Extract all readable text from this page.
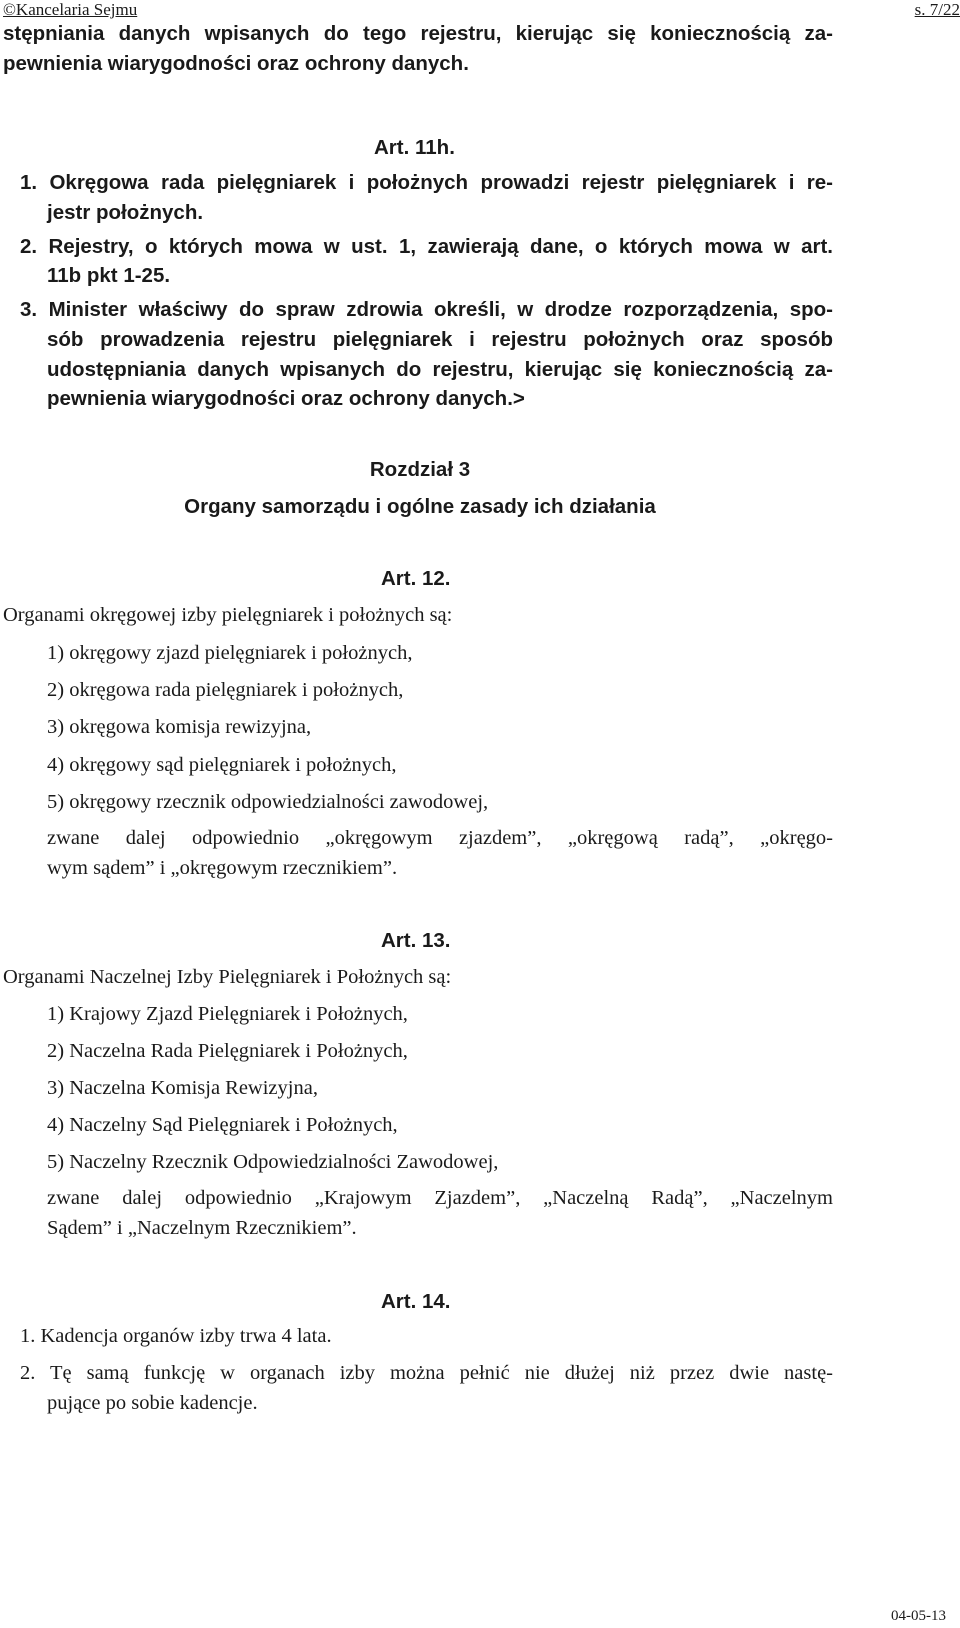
©Kancelaria Sejmu	s. 7/22
stępniania danych wpisanych do tego rejestru, kierując się koniecznością za-
pewnienia wiarygodności oraz ochrony danych.
Art. 11h.
1. Okręgowa rada pielęgniarek i położnych prowadzi rejestr pielęgniarek i re-
jestr położnych.
2. Rejestry, o których mowa w ust. 1, zawierają dane, o których mowa w art.
11b pkt 1-25.
3. Minister właściwy do spraw zdrowia określi, w drodze rozporządzenia, spo-
sób prowadzenia rejestru pielęgniarek i rejestru położnych oraz sposób
udostępniania danych wpisanych do rejestru, kierując się koniecznością za-
pewnienia wiarygodności oraz ochrony danych.>
Rozdział 3
Organy samorządu i ogólne zasady ich działania
Art. 12.
Organami okręgowej izby pielęgniarek i położnych są:
1) okręgowy zjazd pielęgniarek i położnych,
2) okręgowa rada pielęgniarek i położnych,
3) okręgowa komisja rewizyjna,
4) okręgowy sąd pielęgniarek i położnych,
5) okręgowy rzecznik odpowiedzialności zawodowej,
zwane dalej odpowiednio „okręgowym zjazdem”, „okręgową radą”, „okręgo-
wym sądem” i „okręgowym rzecznikiem”.
Art. 13.
Organami Naczelnej Izby Pielęgniarek i Położnych są:
1) Krajowy Zjazd Pielęgniarek i Położnych,
2) Naczelna Rada Pielęgniarek i Położnych,
3) Naczelna Komisja Rewizyjna,
4) Naczelny Sąd Pielęgniarek i Położnych,
5) Naczelny Rzecznik Odpowiedzialności Zawodowej,
zwane dalej odpowiednio „Krajowym Zjazdem”, „Naczelną Radą”, „Naczelnym
Sądem” i „Naczelnym Rzecznikiem”.
Art. 14.
1. Kadencja organów izby trwa 4 lata.
2. Tę samą funkcję w organach izby można pełnić nie dłużej niż przez dwie nastę-
pujące po sobie kadencje.
04-05-13
